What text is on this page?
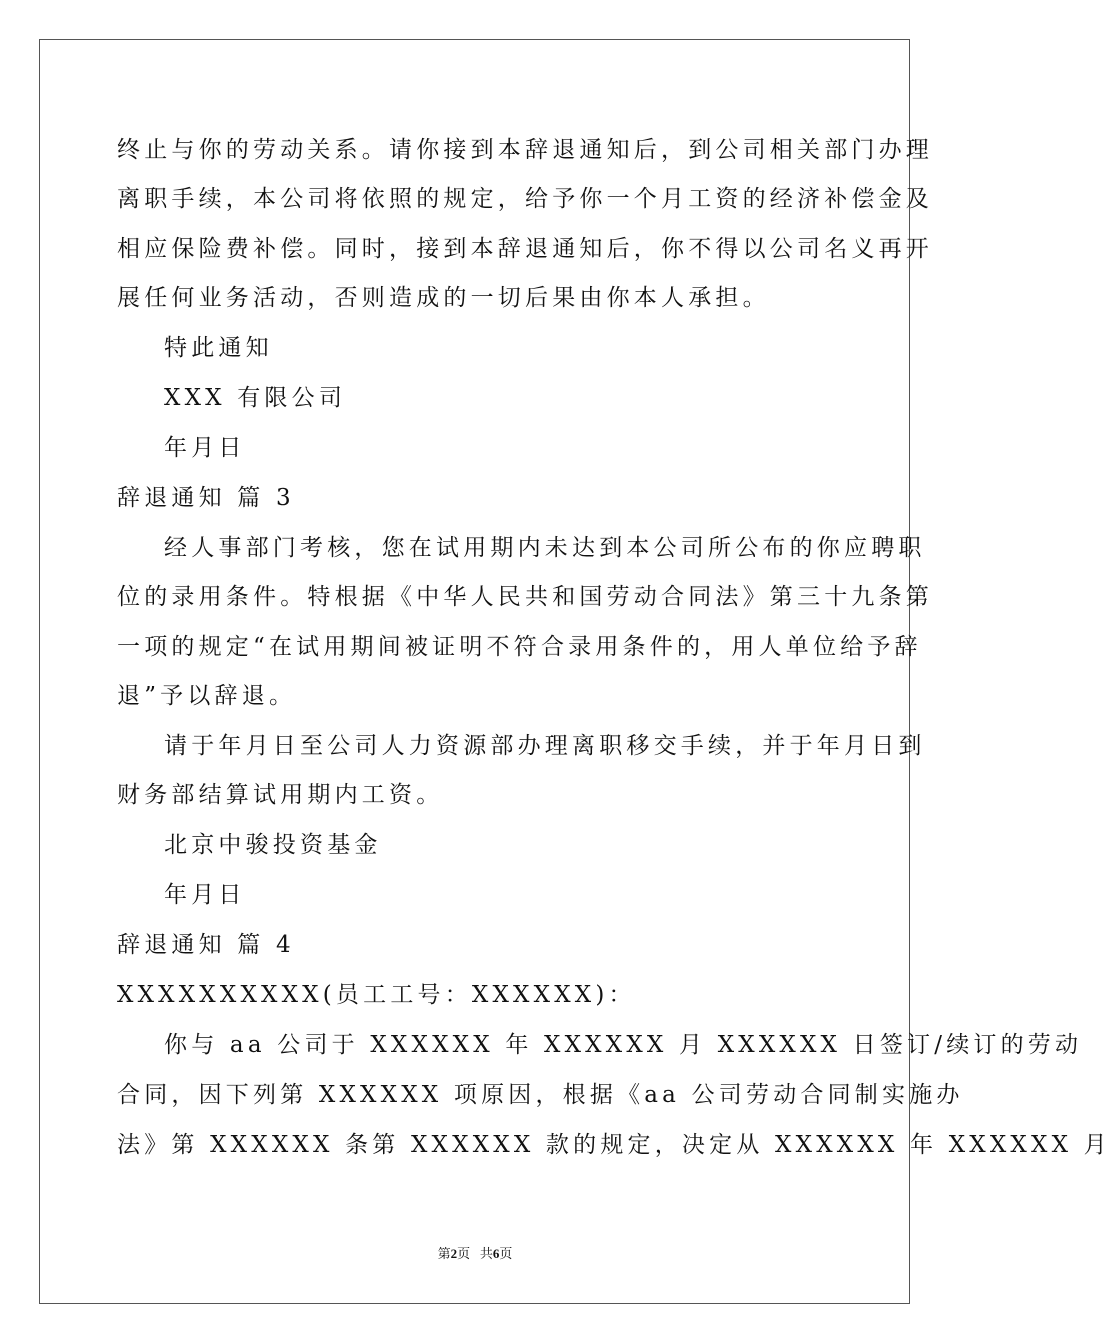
终止与你的劳动关系。请你接到本辞退通知后，到公司相关部门办理
离职手续，本公司将依照的规定，给予你一个月工资的经济补偿金及
相应保险费补偿。同时，接到本辞退通知后，你不得以公司名义再开
展任何业务活动，否则造成的一切后果由你本人承担。
特此通知
XXX 有限公司
年月日
辞退通知 篇 3
经人事部门考核，您在试用期内未达到本公司所公布的你应聘职
位的录用条件。特根据《中华人民共和国劳动合同法》第三十九条第
一项的规定“在试用期间被证明不符合录用条件的，用人单位给予辞
退”予以辞退。
请于年月日至公司人力资源部办理离职移交手续，并于年月日到
财务部结算试用期内工资。
北京中骏投资基金
年月日
辞退通知 篇 4
XXXXXXXXXX(员工工号：XXXXXX)：
你与 aa 公司于 XXXXXX 年 XXXXXX 月 XXXXXX 日签订/续订的劳动
合同，因下列第 XXXXXX 项原因，根据《aa 公司劳动合同制实施办
法》第 XXXXXX 条第 XXXXXX 款的规定，决定从 XXXXXX 年 XXXXXX 月
第2页 共6页
